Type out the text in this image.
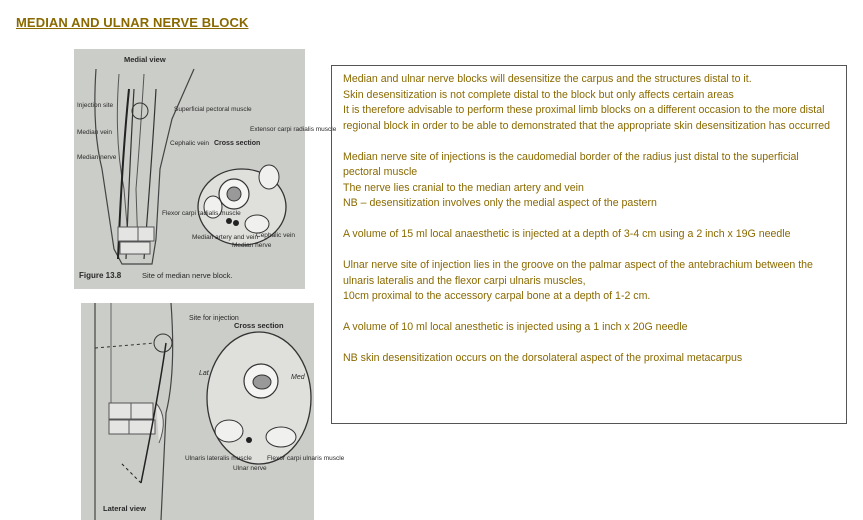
MEDIAN AND ULNAR NERVE BLOCK
Medial view
Injection site
Median vein
Median nerve
Superficial pectoral muscle
Cephalic vein Cross section
Extensor carpi radialis muscle
Flexor carpi radialis muscle
Median artery and vein
Median nerve
Cephalic vein
Figure 13.8	Site of median nerve block.
Site for injection
Cross section
Lat
Med
Ulnaris lateralis muscle
Ulnar nerve
Flexor carpi ulnaris muscle
Lateral view

Median and ulnar nerve blocks will desensitize the carpus and the structures distal to it.
Skin desensitization is not complete distal to the block but only affects certain areas
It is therefore advisable to perform these proximal limb blocks on a different occasion to the more distal regional block in order to be able to demonstrated that the appropriate skin desensitization has occurred

Median nerve site of injections is the caudomedial border of the radius just distal to the superficial pectoral muscle
The nerve lies cranial to the median artery and vein
NB – desensitization involves only the medial aspect of the pastern

A volume of 15 ml local anaesthetic is injected at a depth of 3-4 cm using a 2 inch x 19G needle

Ulnar nerve site of injection lies in the groove on the palmar aspect of the antebrachium between the ulnaris lateralis and the flexor carpi ulnaris muscles,
10cm proximal to the accessory carpal bone at a depth of 1-2 cm.

A volume of 10 ml local anesthetic is injected using a 1 inch x 20G needle

NB skin desensitization occurs on the dorsolateral aspect of the proximal metacarpus
